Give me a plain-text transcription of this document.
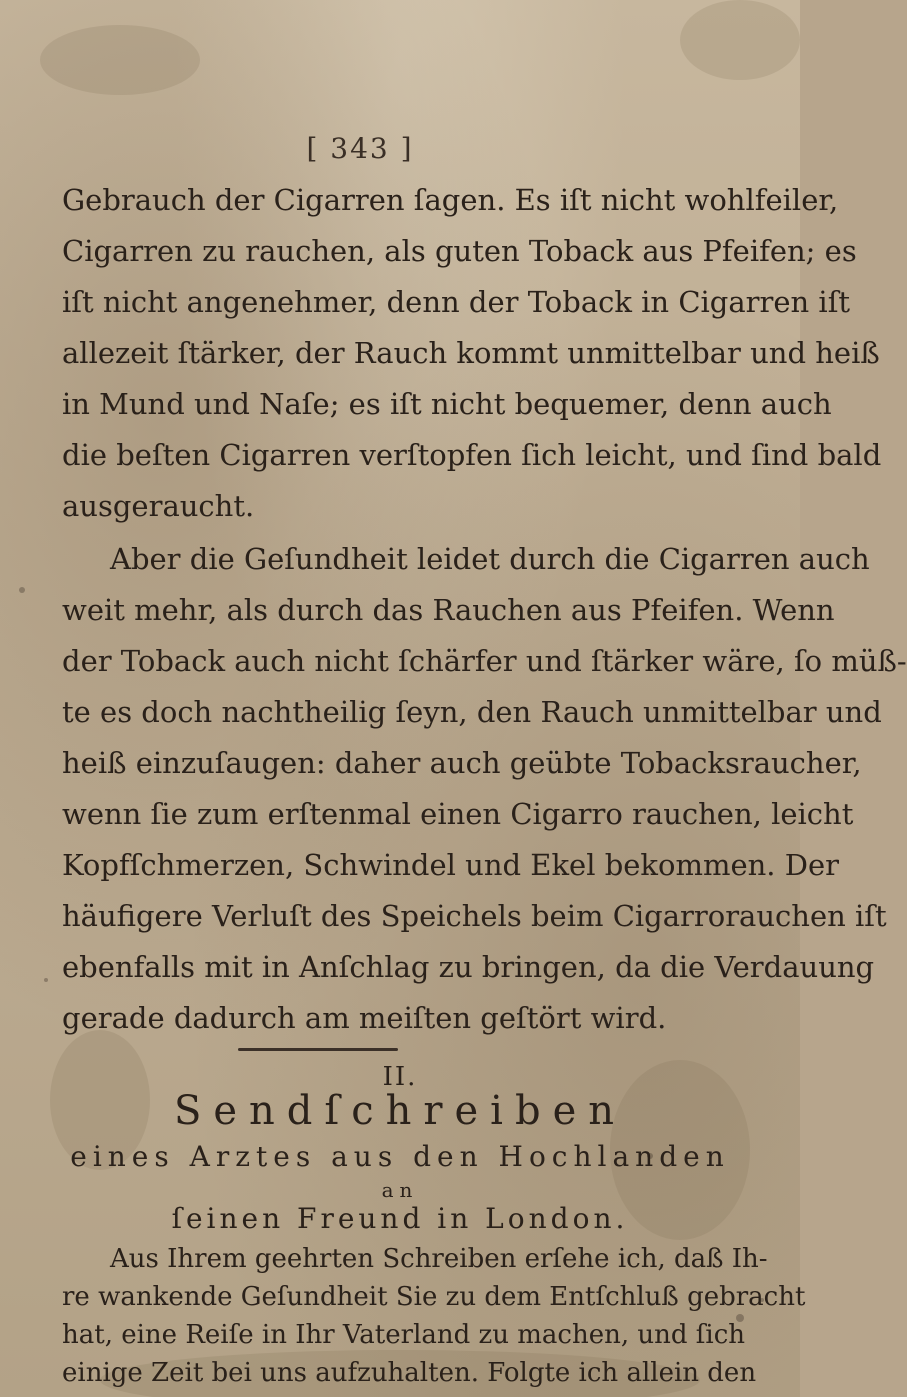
[ 343 ]
Gebrauch der Cigarren ſagen. Es iſt nicht wohlfeiler,
Cigarren zu rauchen, als guten Toback aus Pfeifen; es
iſt nicht angenehmer, denn der Toback in Cigarren iſt
allezeit ſtärker, der Rauch kommt unmittelbar und heiß
in Mund und Naſe; es iſt nicht bequemer, denn auch
die beſten Cigarren verſtopfen ſich leicht, und ſind bald
ausgeraucht.
Aber die Geſundheit leidet durch die Cigarren auch
weit mehr, als durch das Rauchen aus Pfeifen. Wenn
der Toback auch nicht ſchärfer und ſtärker wäre, ſo müß-
te es doch nachtheilig ſeyn, den Rauch unmittelbar und
heiß einzuſaugen: daher auch geübte Tobacksraucher,
wenn ſie zum erſtenmal einen Cigarro rauchen, leicht
Kopfſchmerzen, Schwindel und Ekel bekommen. Der
häufigere Verluſt des Speichels beim Cigarrorauchen iſt
ebenfalls mit in Anſchlag zu bringen, da die Verdauung
gerade dadurch am meiſten geſtört wird.
II.
Sendſchreiben
eines Arztes aus den Hochlanden
an
ſeinen Freund in London.
Aus Ihrem geehrten Schreiben erſehe ich, daß Ih-
re wankende Geſundheit Sie zu dem Entſchluß gebracht
hat, eine Reiſe in Ihr Vaterland zu machen, und ſich
einige Zeit bei uns aufzuhalten. Folgte ich allein den
